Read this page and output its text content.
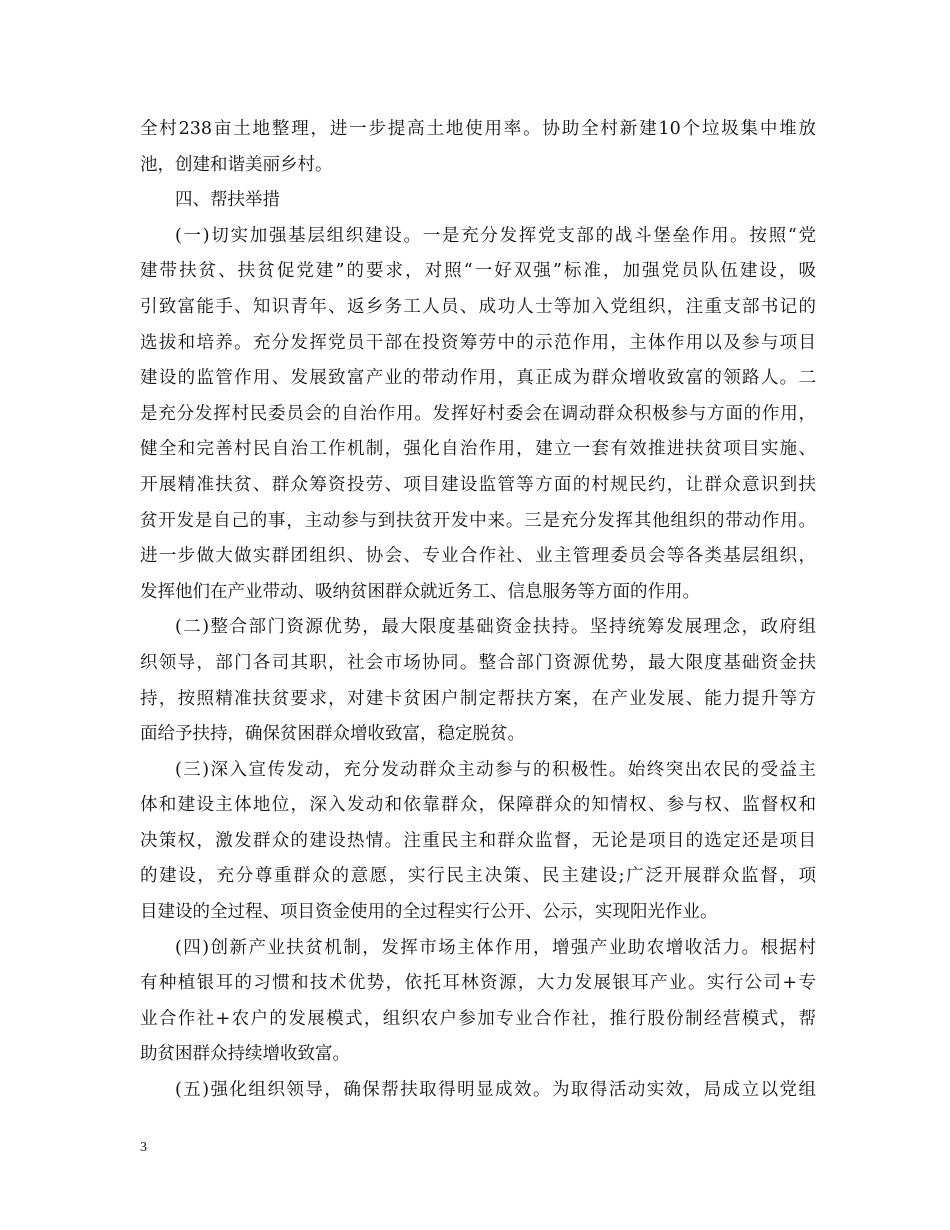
全村238亩土地整理，进一步提高土地使用率。协助全村新建10个垃圾集中堆放
池，创建和谐美丽乡村。
四、帮扶举措
(一)切实加强基层组织建设。一是充分发挥党支部的战斗堡垒作用。按照“党
建带扶贫、扶贫促党建”的要求，对照“一好双强”标准，加强党员队伍建设，吸
引致富能手、知识青年、返乡务工人员、成功人士等加入党组织，注重支部书记的
选拔和培养。充分发挥党员干部在投资筹劳中的示范作用，主体作用以及参与项目
建设的监管作用、发展致富产业的带动作用，真正成为群众增收致富的领路人。二
是充分发挥村民委员会的自治作用。发挥好村委会在调动群众积极参与方面的作用，
健全和完善村民自治工作机制，强化自治作用，建立一套有效推进扶贫项目实施、
开展精准扶贫、群众筹资投劳、项目建设监管等方面的村规民约，让群众意识到扶
贫开发是自己的事，主动参与到扶贫开发中来。三是充分发挥其他组织的带动作用。
进一步做大做实群团组织、协会、专业合作社、业主管理委员会等各类基层组织，
发挥他们在产业带动、吸纳贫困群众就近务工、信息服务等方面的作用。
(二)整合部门资源优势，最大限度基础资金扶持。坚持统筹发展理念，政府组
织领导，部门各司其职，社会市场协同。整合部门资源优势，最大限度基础资金扶
持，按照精准扶贫要求，对建卡贫困户制定帮扶方案，在产业发展、能力提升等方
面给予扶持，确保贫困群众增收致富，稳定脱贫。
(三)深入宣传发动，充分发动群众主动参与的积极性。始终突出农民的受益主
体和建设主体地位，深入发动和依靠群众，保障群众的知情权、参与权、监督权和
决策权，激发群众的建设热情。注重民主和群众监督，无论是项目的选定还是项目
的建设，充分尊重群众的意愿，实行民主决策、民主建设;广泛开展群众监督，项
目建设的全过程、项目资金使用的全过程实行公开、公示，实现阳光作业。
(四)创新产业扶贫机制，发挥市场主体作用，增强产业助农增收活力。根据村
有种植银耳的习惯和技术优势，依托耳林资源，大力发展银耳产业。实行公司+专
业合作社+农户的发展模式，组织农户参加专业合作社，推行股份制经营模式，帮
助贫困群众持续增收致富。
(五)强化组织领导，确保帮扶取得明显成效。为取得活动实效，局成立以党组
3
